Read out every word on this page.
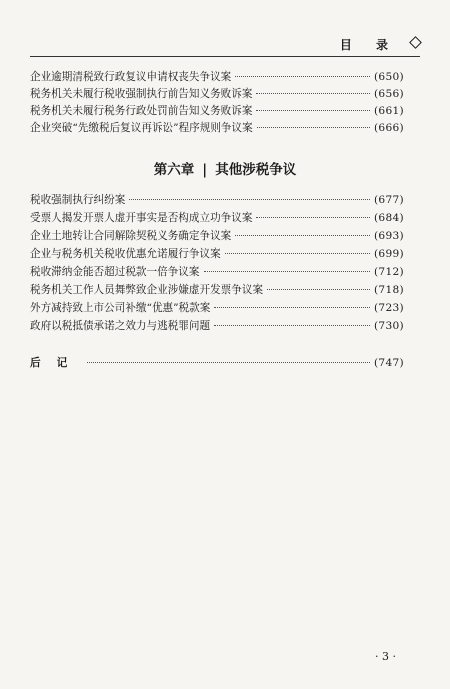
目 录
企业逾期清税致行政复议申请权丧失争议案	(650)
税务机关未履行税收强制执行前告知义务败诉案	(656)
税务机关未履行税务行政处罚前告知义务败诉案	(661)
企业突破“先缴税后复议再诉讼”程序规则争议案	(666)
第六章 | 其他涉税争议
税收强制执行纠纷案	(677)
受票人揭发开票人虚开事实是否构成立功争议案	(684)
企业土地转让合同解除契税义务确定争议案	(693)
企业与税务机关税收优惠允诺履行争议案	(699)
税收滞纳金能否超过税款一倍争议案	(712)
税务机关工作人员舞弊致企业涉嫌虚开发票争议案	(718)
外方减持致上市公司补缴“优惠”税款案	(723)
政府以税抵债承诺之效力与逃税罪问题	(730)
后记	(747)
· 3 ·
